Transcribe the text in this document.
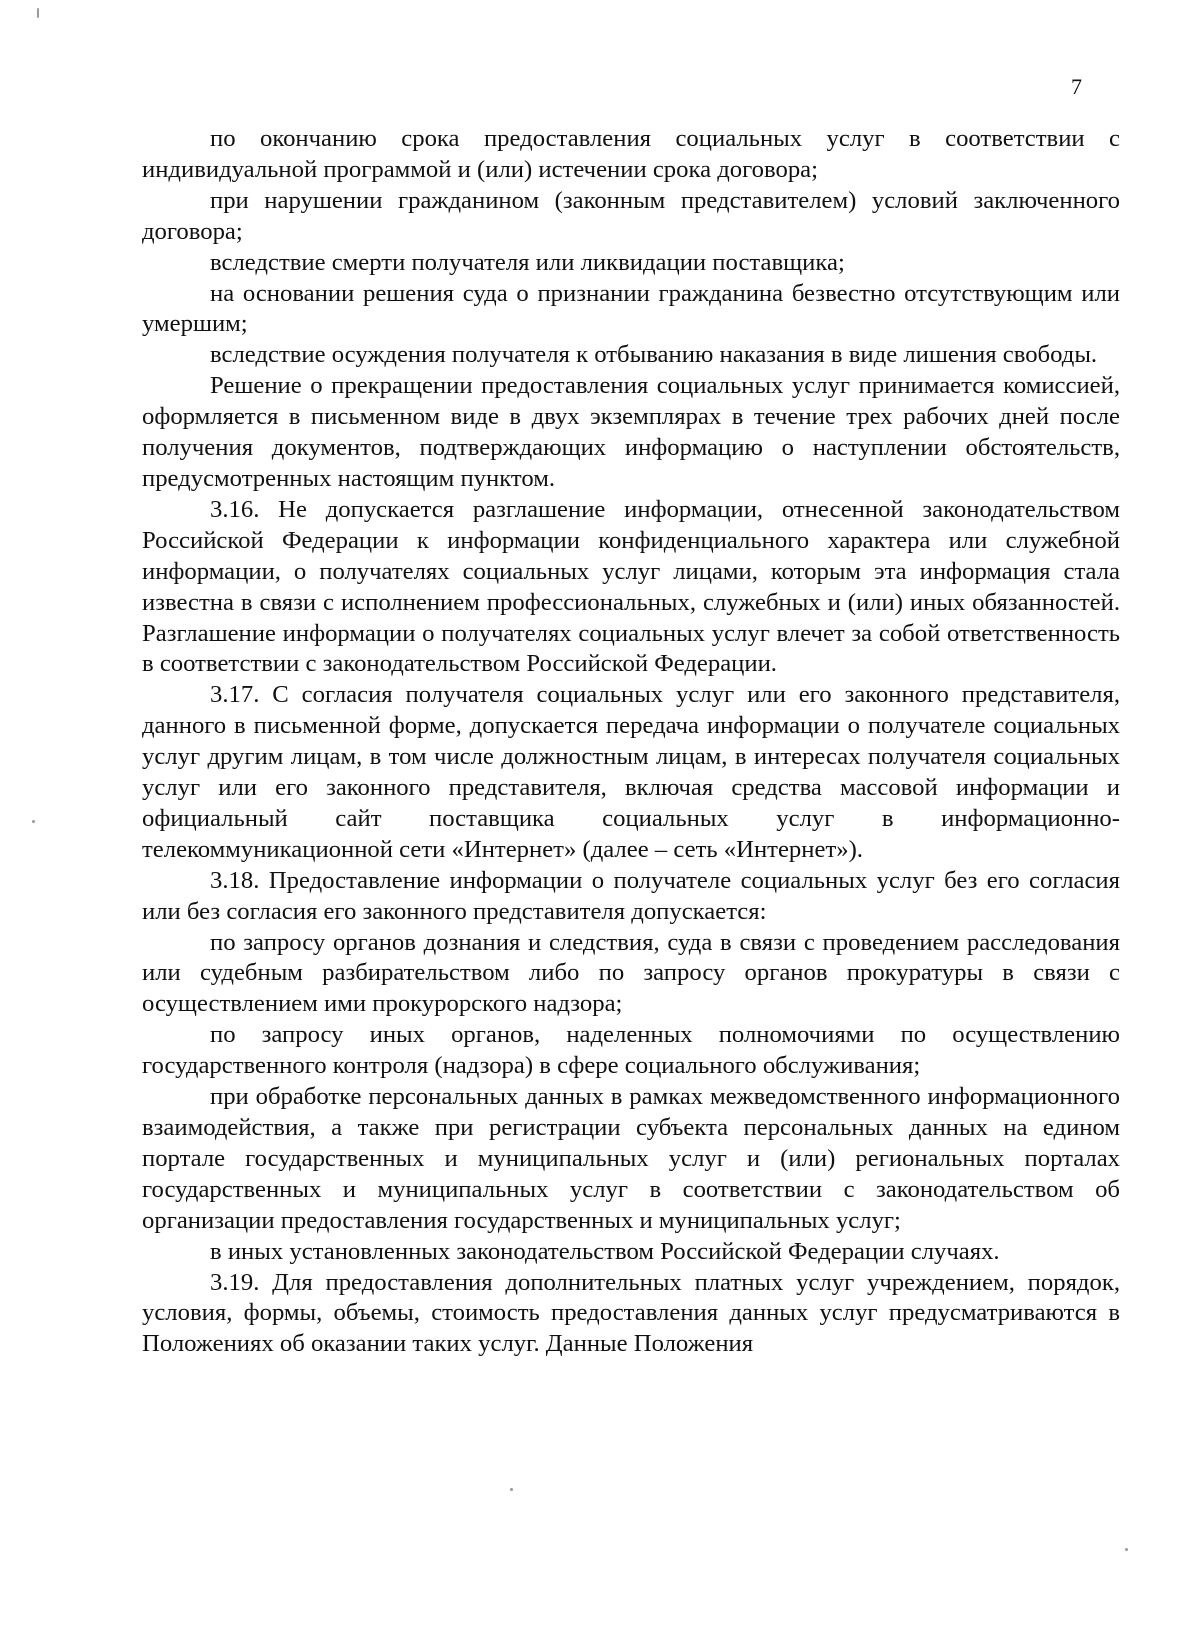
7

по окончанию срока предоставления социальных услуг в соответствии с индивидуальной программой и (или) истечении срока договора;

при нарушении гражданином (законным представителем) условий заключенного договора;

вследствие смерти получателя или ликвидации поставщика;

на основании решения суда о признании гражданина безвестно отсутствующим или умершим;

вследствие осуждения получателя к отбыванию наказания в виде лишения свободы.

Решение о прекращении предоставления социальных услуг принимается комиссией, оформляется в письменном виде в двух экземплярах в течение трех рабочих дней после получения документов, подтверждающих информацию о наступлении обстоятельств, предусмотренных настоящим пунктом.

3.16. Не допускается разглашение информации, отнесенной законодательством Российской Федерации к информации конфиденциального характера или служебной информации, о получателях социальных услуг лицами, которым эта информация стала известна в связи с исполнением профессиональных, служебных и (или) иных обязанностей. Разглашение информации о получателях социальных услуг влечет за собой ответственность в соответствии с законодательством Российской Федерации.

3.17. С согласия получателя социальных услуг или его законного представителя, данного в письменной форме, допускается передача информации о получателе социальных услуг другим лицам, в том числе должностным лицам, в интересах получателя социальных услуг или его законного представителя, включая средства массовой информации и официальный сайт поставщика социальных услуг в информационно-телекоммуникационной сети «Интернет» (далее – сеть «Интернет»).

3.18. Предоставление информации о получателе социальных услуг без его согласия или без согласия его законного представителя допускается:

по запросу органов дознания и следствия, суда в связи с проведением расследования или судебным разбирательством либо по запросу органов прокуратуры в связи с осуществлением ими прокурорского надзора;

по запросу иных органов, наделенных полномочиями по осуществлению государственного контроля (надзора) в сфере социального обслуживания;

при обработке персональных данных в рамках межведомственного информационного взаимодействия, а также при регистрации субъекта персональных данных на едином портале государственных и муниципальных услуг и (или) региональных порталах государственных и муниципальных услуг в соответствии с законодательством об организации предоставления государственных и муниципальных услуг;

в иных установленных законодательством Российской Федерации случаях.

3.19. Для предоставления дополнительных платных услуг учреждением, порядок, условия, формы, объемы, стоимость предоставления данных услуг предусматриваются в Положениях об оказании таких услуг. Данные Положения
